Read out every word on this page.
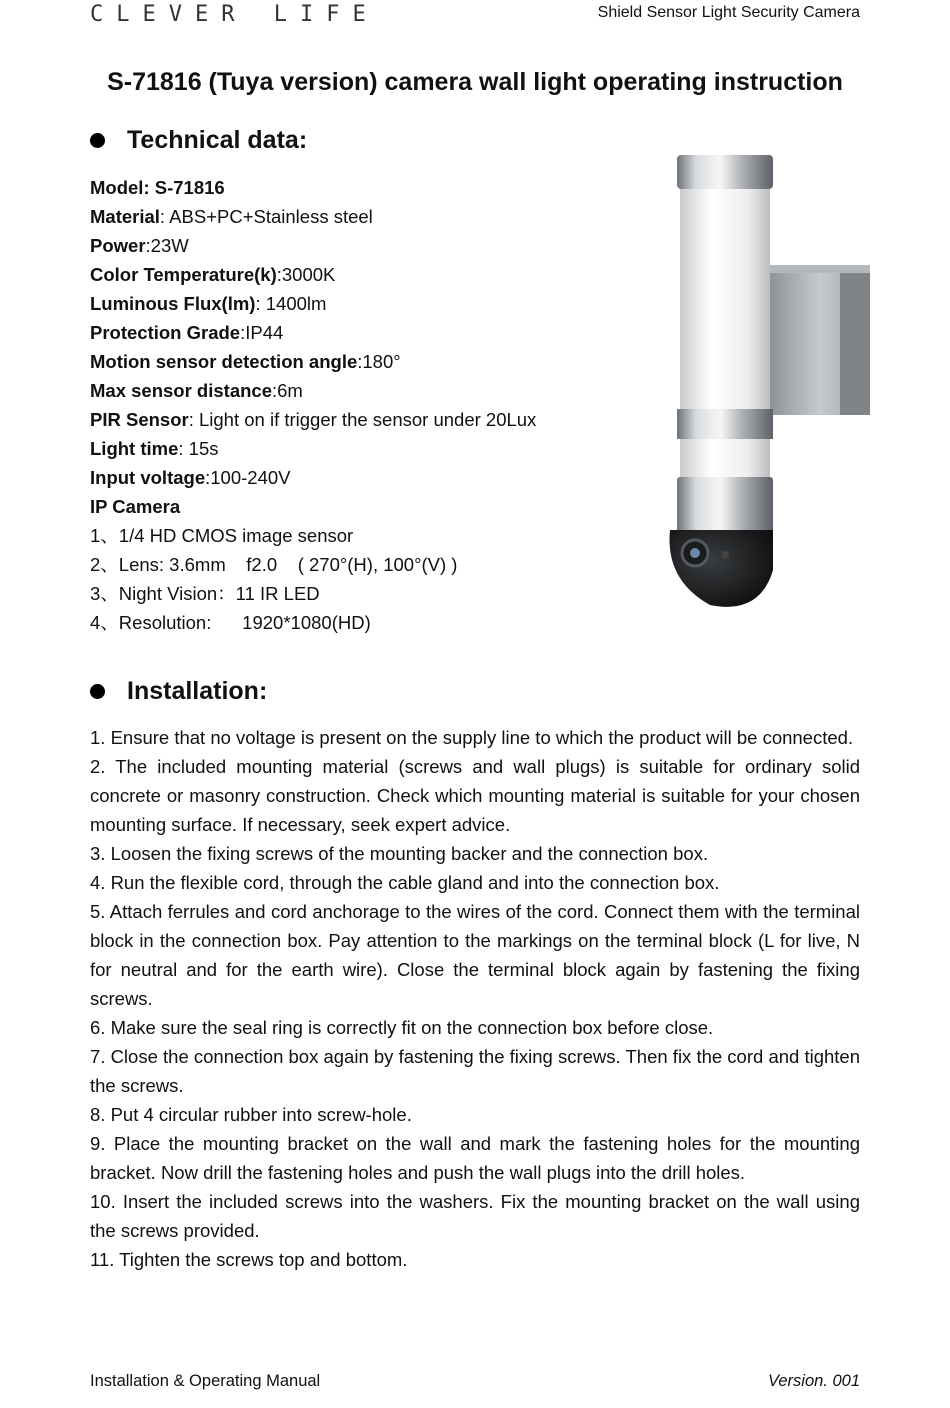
CLEVER LIFE	Shield Sensor Light Security Camera
S-71816 (Tuya version) camera wall light operating instruction
Technical data:
Model: S-71816
Material: ABS+PC+Stainless steel
Power:23W
Color Temperature(k):3000K
Luminous Flux(lm): 1400lm
Protection Grade:IP44
Motion sensor detection angle:180°
Max sensor distance:6m
PIR Sensor: Light on if trigger the sensor under 20Lux
Light time: 15s
Input voltage:100-240V
IP Camera
1、1/4 HD CMOS image sensor
2、Lens: 3.6mm    f2.0    ( 270°(H), 100°(V) )
3、Night Vision：11 IR LED
4、Resolution:      1920*1080(HD)
Installation:

1. Ensure that no voltage is present on the supply line to which the product will be connected.

2. The included mounting material (screws and wall plugs) is suitable for ordinary solid concrete or masonry construction. Check which mounting material is suitable for your chosen mounting surface. If necessary, seek expert advice.

3. Loosen the fixing screws of the mounting backer and the connection box.

4. Run the flexible cord, through the cable gland and into the connection box.

5. Attach ferrules and cord anchorage to the wires of the cord. Connect them with the terminal block in the connection box. Pay attention to the markings on the terminal block (L for live, N for neutral and for the earth wire). Close the terminal block again by fastening the fixing screws.

6. Make sure the seal ring is correctly fit on the connection box before close.

7. Close the connection box again by fastening the fixing screws. Then fix the cord and tighten the screws.

8. Put 4 circular rubber into screw-hole.

9. Place the mounting bracket on the wall and mark the fastening holes for the mounting bracket. Now drill the fastening holes and push the wall plugs into the drill holes.

10. Insert the included screws into the washers. Fix the mounting bracket on the wall using the screws provided.

11. Tighten the screws top and bottom.

Installation & Operating Manual	Version. 001
